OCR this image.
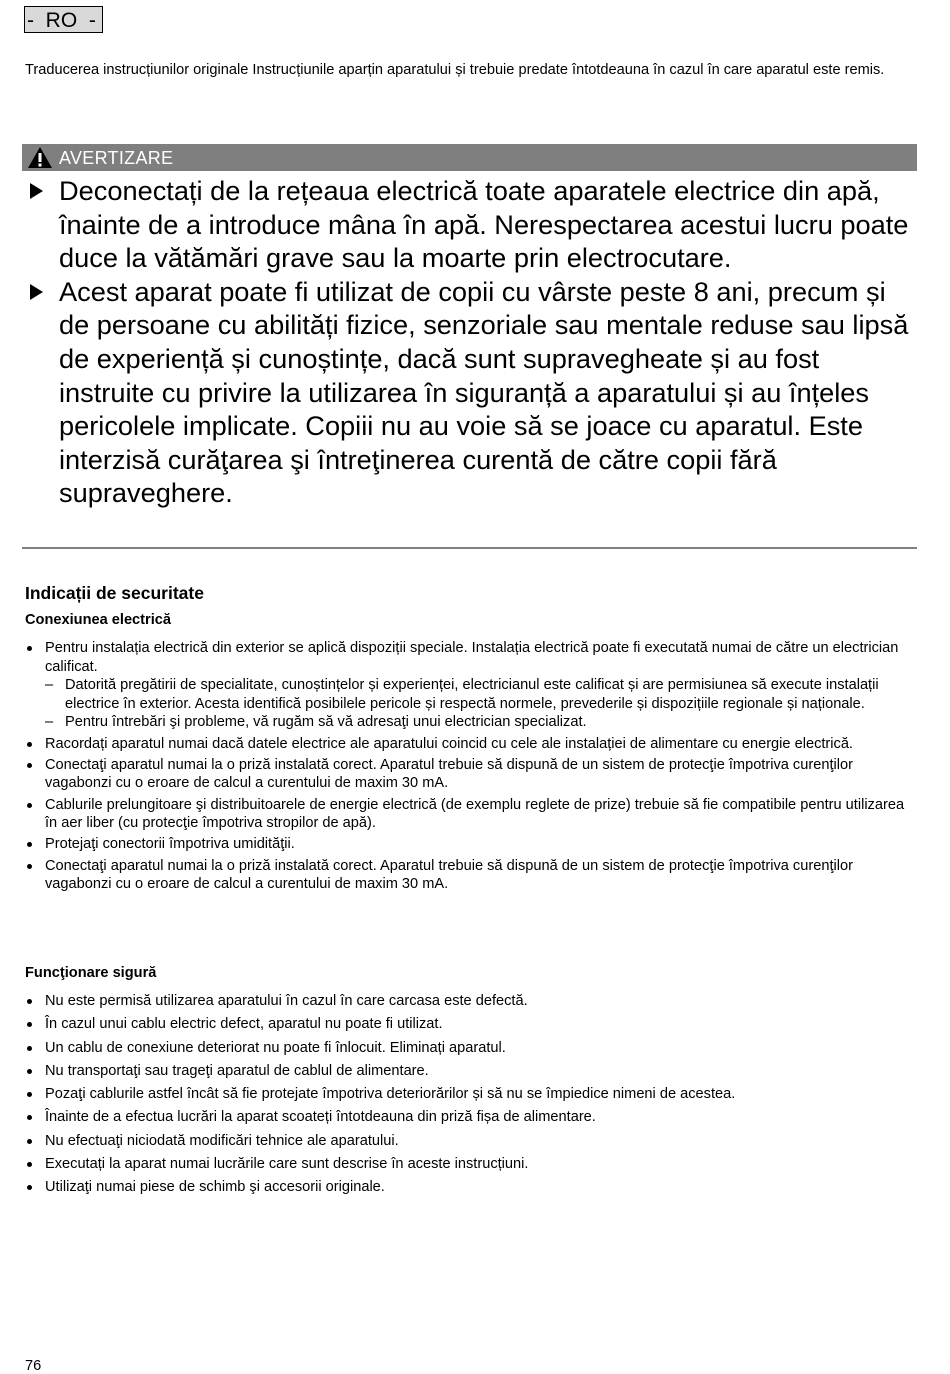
-  RO  -
Traducerea instrucțiunilor originale Instrucțiunile aparțin aparatului și trebuie predate întotdeauna în cazul în care aparatul este remis.
AVERTIZARE
Deconectați de la rețeaua electrică toate aparatele electrice din apă, înainte de a introduce mâna în apă. Nerespectarea acestui lucru poate duce la vătămări grave sau la moarte prin electrocutare.
Acest aparat poate fi utilizat de copii cu vârste peste 8 ani, precum și de persoane cu abilități fizice, senzoriale sau mentale reduse sau lipsă de experiență și cunoștințe, dacă sunt supravegheate și au fost instruite cu privire la utilizarea în siguranță a aparatului și au înțeles pericolele implicate. Copiii nu au voie să se joace cu aparatul. Este interzisă curăţarea şi întreţinerea curentă de către copii fără supraveghere.
Indicații de securitate
Conexiunea electrică
Pentru instalația electrică din exterior se aplică dispoziții speciale. Instalația electrică poate fi executată numai de către un electrician calificat.
– Datorită pregătirii de specialitate, cunoștințelor și experienței, electricianul este calificat și are permisiunea să execute instalații electrice în exterior. Acesta identifică posibilele pericole și respectă normele, prevederile și dispozițiile regionale și naționale.
– Pentru întrebări şi probleme, vă rugăm să vă adresaţi unui electrician specializat.
Racordați aparatul numai dacă datele electrice ale aparatului coincid cu cele ale instalației de alimentare cu energie electrică.
Conectaţi aparatul numai la o priză instalată corect. Aparatul trebuie să dispună de un sistem de protecţie împotriva curenţilor vagabonzi cu o eroare de calcul a curentului de maxim 30 mA.
Cablurile prelungitoare şi distribuitoarele de energie electrică (de exemplu reglete de prize) trebuie să fie compatibile pentru utilizarea în aer liber (cu protecţie împotriva stropilor de apă).
Protejaţi conectorii împotriva umidităţii.
Conectaţi aparatul numai la o priză instalată corect. Aparatul trebuie să dispună de un sistem de protecţie împotriva curenţilor vagabonzi cu o eroare de calcul a curentului de maxim 30 mA.
Funcţionare sigură
Nu este permisă utilizarea aparatului în cazul în care carcasa este defectă.
În cazul unui cablu electric defect, aparatul nu poate fi utilizat.
Un cablu de conexiune deteriorat nu poate fi înlocuit. Eliminați aparatul.
Nu transportaţi sau trageţi aparatul de cablul de alimentare.
Pozaţi cablurile astfel încât să fie protejate împotriva deteriorărilor și să nu se împiedice nimeni de acestea.
Înainte de a efectua lucrări la aparat scoateți întotdeauna din priză fișa de alimentare.
Nu efectuaţi niciodată modificări tehnice ale aparatului.
Executați la aparat numai lucrările care sunt descrise în aceste instrucțiuni.
Utilizaţi numai piese de schimb şi accesorii originale.
76
